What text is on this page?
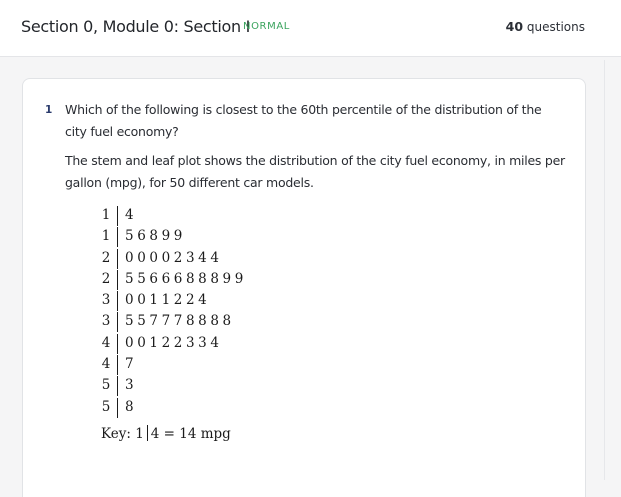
Section 0, Module 0: Section I
NORMAL	40 questions
1 Which of the following is closest to the 60th percentile of the distribution of the city fuel economy?
The stem and leaf plot shows the distribution of the city fuel economy, in miles per gallon (mpg), for 50 different car models.
1 4
1 56899
2 00002344
2 5566688899
3 0011224
3 557778888
4 00122334
4 7
5 3
5 8
Key: 1 4 = 14 mpg
